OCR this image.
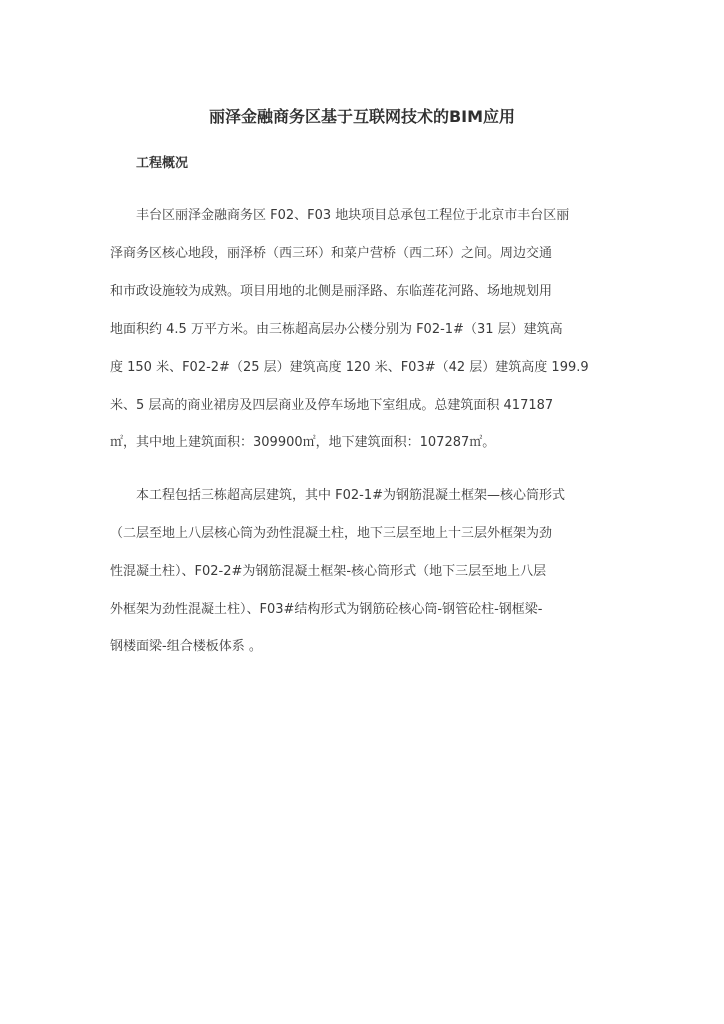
丽泽金融商务区基于互联网技术的BIM应用
工程概况
丰台区丽泽金融商务区 F02、F03 地块项目总承包工程位于北京市丰台区丽
泽商务区核心地段，丽泽桥（西三环）和菜户营桥（西二环）之间。周边交通
和市政设施较为成熟。项目用地的北侧是丽泽路、东临莲花河路、场地规划用
地面积约 4.5 万平方米。由三栋超高层办公楼分别为 F02-1#（31 层）建筑高
度 150 米、F02-2#（25 层）建筑高度 120 米、F03#（42 层）建筑高度 199.9
米、5 层高的商业裙房及四层商业及停车场地下室组成。总建筑面积 417187
㎡，其中地上建筑面积：309900㎡，地下建筑面积：107287㎡。
本工程包括三栋超高层建筑，其中 F02-1#为钢筋混凝土框架—核心筒形式
（二层至地上八层核心筒为劲性混凝土柱，地下三层至地上十三层外框架为劲
性混凝土柱）、F02-2#为钢筋混凝土框架-核心筒形式（地下三层至地上八层
外框架为劲性混凝土柱）、F03#结构形式为钢筋砼核心筒-钢管砼柱-钢框梁-
钢楼面梁-组合楼板体系 。
